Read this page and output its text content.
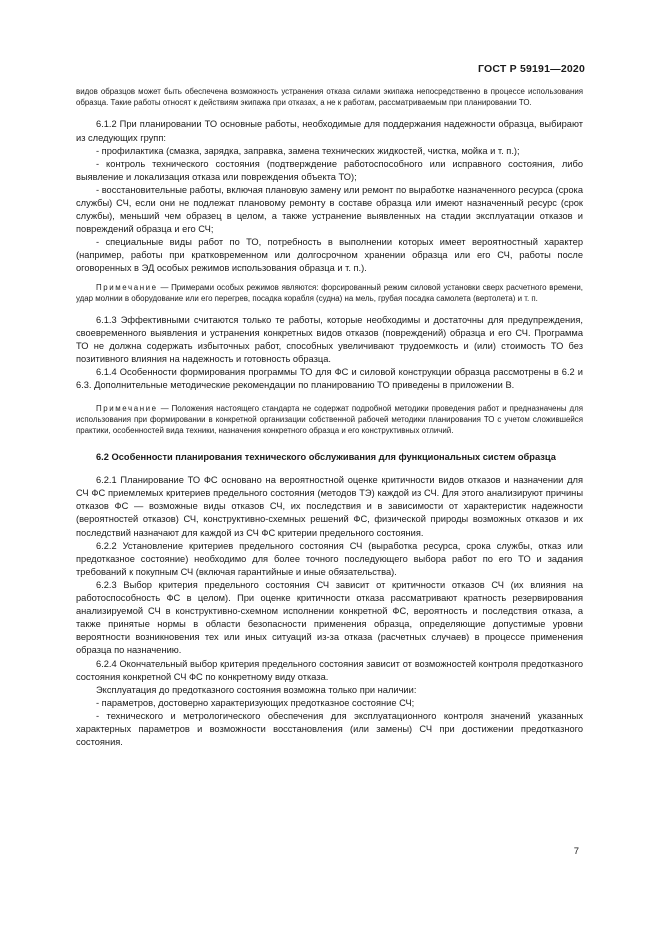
ГОСТ Р 59191—2020

видов образцов может быть обеспечена возможность устранения отказа силами экипажа непосредственно в процессе использования образца. Такие работы относят к действиям экипажа при отказах, а не к работам, рассматриваемым при планировании ТО.

6.1.2 При планировании ТО основные работы, необходимые для поддержания надежности образца, выбирают из следующих групп:

- профилактика (смазка, зарядка, заправка, замена технических жидкостей, чистка, мойка и т. п.);

- контроль технического состояния (подтверждение работоспособного или исправного состояния, либо выявление и локализация отказа или повреждения объекта ТО);

- восстановительные работы, включая плановую замену или ремонт по выработке назначенного ресурса (срока службы) СЧ, если они не подлежат плановому ремонту в составе образца или имеют назначенный ресурс (срок службы), меньший чем образец в целом, а также устранение выявленных на стадии эксплуатации отказов и повреждений образца и его СЧ;

- специальные виды работ по ТО, потребность в выполнении которых имеет вероятностный характер (например, работы при кратковременном или долгосрочном хранении образца или его СЧ, работы после оговоренных в ЭД особых режимов использования образца и т. п.).

Примечание — Примерами особых режимов являются: форсированный режим силовой установки сверх расчетного времени, удар молнии в оборудование или его перегрев, посадка корабля (судна) на мель, грубая посадка самолета (вертолета) и т. п.

6.1.3 Эффективными считаются только те работы, которые необходимы и достаточны для предупреждения, своевременного выявления и устранения конкретных видов отказов (повреждений) образца и его СЧ. Программа ТО не должна содержать избыточных работ, способных увеличивают трудоемкость и (или) стоимость ТО без позитивного влияния на надежность и готовность образца.

6.1.4 Особенности формирования программы ТО для ФС и силовой конструкции образца рассмотрены в 6.2 и 6.3. Дополнительные методические рекомендации по планированию ТО приведены в приложении В.

Примечание — Положения настоящего стандарта не содержат подробной методики проведения работ и предназначены для использования при формировании в конкретной организации собственной рабочей методики планирования ТО с учетом сложившейся практики, особенностей вида техники, назначения конкретного образца и его конструктивных отличий.

6.2 Особенности планирования технического обслуживания для функциональных систем образца

6.2.1 Планирование ТО ФС основано на вероятностной оценке критичности видов отказов и назначении для СЧ ФС приемлемых критериев предельного состояния (методов ТЭ) каждой из СЧ. Для этого анализируют причины отказов ФС — возможные виды отказов СЧ, их последствия и в зависимости от характеристик надежности (вероятностей отказов) СЧ, конструктивно-схемных решений ФС, физической природы возможных отказов и их последствий назначают для каждой из СЧ ФС критерии предельного состояния.

6.2.2 Установление критериев предельного состояния СЧ (выработка ресурса, срока службы, отказ или предотказное состояние) необходимо для более точного последующего выбора работ по его ТО и задания требований к покупным СЧ (включая гарантийные и иные обязательства).

6.2.3 Выбор критерия предельного состояния СЧ зависит от критичности отказов СЧ (их влияния на работоспособность ФС в целом). При оценке критичности отказа рассматривают кратность резервирования анализируемой СЧ в конструктивно-схемном исполнении конкретной ФС, вероятность и последствия отказа, а также принятые нормы в области безопасности применения образца, определяющие допустимые уровни вероятности возникновения тех или иных ситуаций из-за отказа (расчетных случаев) в процессе применения образца по назначению.

6.2.4 Окончательный выбор критерия предельного состояния зависит от возможностей контроля предотказного состояния конкретной СЧ ФС по конкретному виду отказа.

Эксплуатация до предотказного состояния возможна только при наличии:

- параметров, достоверно характеризующих предотказное состояние СЧ;

- технического и метрологического обеспечения для эксплуатационного контроля значений указанных характерных параметров и возможности восстановления (или замены) СЧ при достижении предотказного состояния.

7
